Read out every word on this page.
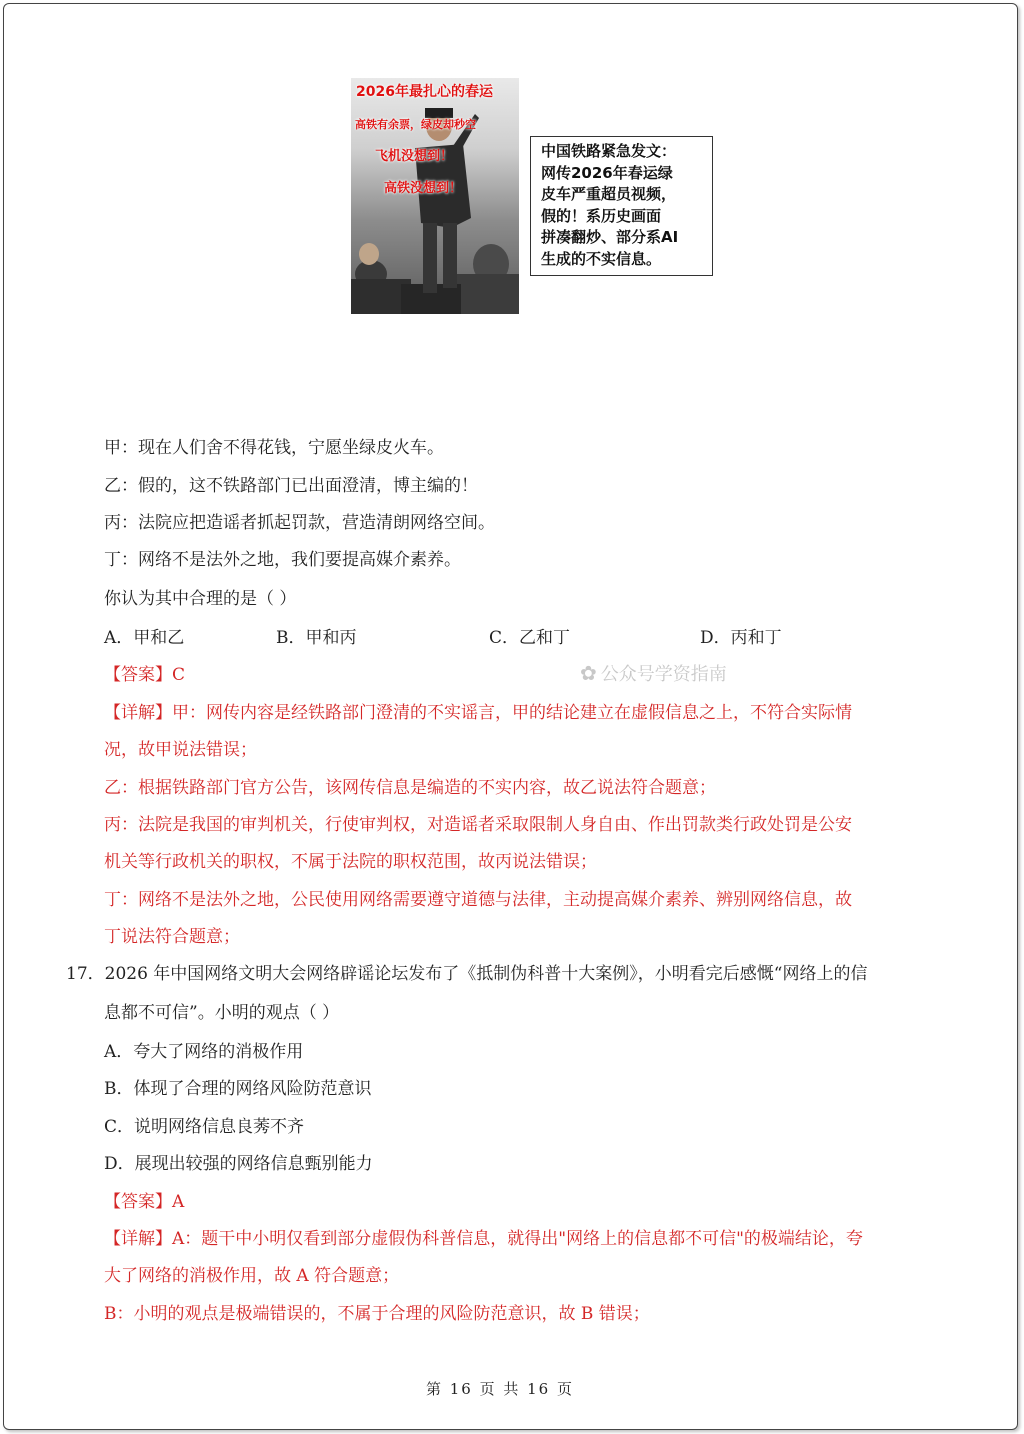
2026年最扎心的春运
高铁有余票，绿皮却秒空
飞机没想到！
高铁没想到！
中国铁路紧急发文：
网传2026年春运绿
皮车严重超员视频，
假的！系历史画面
拼凑翻炒、部分系AI
生成的不实信息。
甲：现在人们舍不得花钱，宁愿坐绿皮火车。
乙：假的，这不铁路部门已出面澄清，博主编的！
丙：法院应把造谣者抓起罚款，营造清朗网络空间。
丁：网络不是法外之地，我们要提高媒介素养。
你认为其中合理的是（ ）
A．甲和乙	B．甲和丙	C．乙和丁	D．丙和丁
✿ 公众号学资指南
【答案】C
【详解】甲：网传内容是经铁路部门澄清的不实谣言，甲的结论建立在虚假信息之上，不符合实际情
况，故甲说法错误；
乙：根据铁路部门官方公告，该网传信息是编造的不实内容，故乙说法符合题意；
丙：法院是我国的审判机关，行使审判权，对造谣者采取限制人身自由、作出罚款类行政处罚是公安
机关等行政机关的职权，不属于法院的职权范围，故丙说法错误；
丁：网络不是法外之地，公民使用网络需要遵守道德与法律，主动提高媒介素养、辨别网络信息，故
丁说法符合题意；
17．2026 年中国网络文明大会网络辟谣论坛发布了《抵制伪科普十大案例》，小明看完后感慨“网络上的信
息都不可信”。小明的观点（ ）
A．夸大了网络的消极作用
B．体现了合理的网络风险防范意识
C．说明网络信息良莠不齐
D．展现出较强的网络信息甄别能力
【答案】A
【详解】A：题干中小明仅看到部分虚假伪科普信息，就得出"网络上的信息都不可信"的极端结论，夸
大了网络的消极作用，故 A 符合题意；
B：小明的观点是极端错误的，不属于合理的风险防范意识，故 B 错误；
第 16 页 共 16 页
